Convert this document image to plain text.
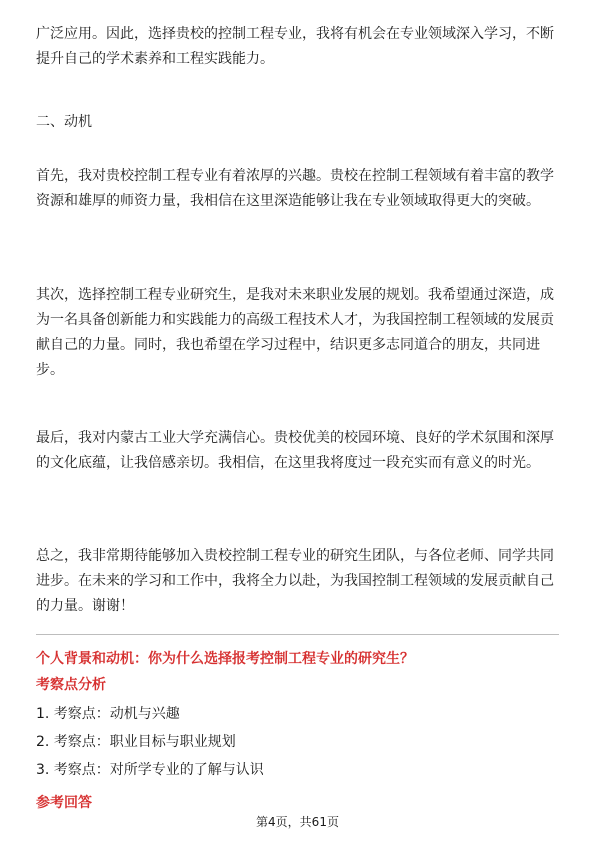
广泛应用。因此，选择贵校的控制工程专业，我将有机会在专业领域深入学习，不断提升自己的学术素养和工程实践能力。

二、动机

首先，我对贵校控制工程专业有着浓厚的兴趣。贵校在控制工程领域有着丰富的教学资源和雄厚的师资力量，我相信在这里深造能够让我在专业领域取得更大的突破。

其次，选择控制工程专业研究生，是我对未来职业发展的规划。我希望通过深造，成为一名具备创新能力和实践能力的高级工程技术人才，为我国控制工程领域的发展贡献自己的力量。同时，我也希望在学习过程中，结识更多志同道合的朋友，共同进步。

最后，我对内蒙古工业大学充满信心。贵校优美的校园环境、良好的学术氛围和深厚的文化底蕴，让我倍感亲切。我相信，在这里我将度过一段充实而有意义的时光。

总之，我非常期待能够加入贵校控制工程专业的研究生团队，与各位老师、同学共同进步。在未来的学习和工作中，我将全力以赴，为我国控制工程领域的发展贡献自己的力量。谢谢！

个人背景和动机：你为什么选择报考控制工程专业的研究生？

考察点分析

1. 考察点：动机与兴趣
2. 考察点：职业目标与职业规划
3. 考察点：对所学专业的了解与认识

参考回答

第4页，共61页
